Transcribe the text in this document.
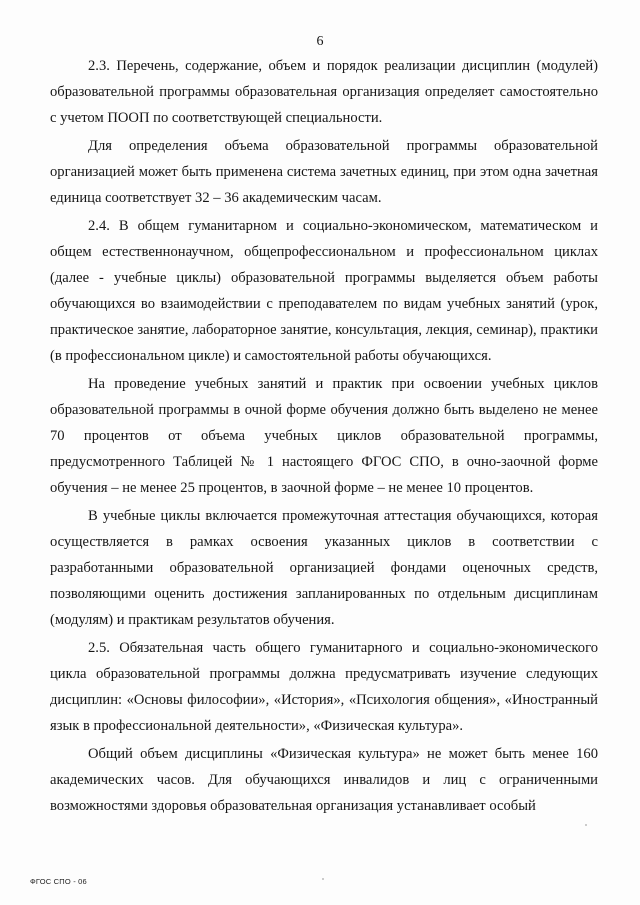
6

2.3. Перечень, содержание, объем и порядок реализации дисциплин (модулей) образовательной программы образовательная организация определяет самостоятельно с учетом ПООП по соответствующей специальности.

Для определения объема образовательной программы образовательной организацией может быть применена система зачетных единиц, при этом одна зачетная единица соответствует 32 – 36 академическим часам.

2.4. В общем гуманитарном и социально-экономическом, математическом и общем естественнонаучном, общепрофессиональном и профессиональном циклах (далее - учебные циклы) образовательной программы выделяется объем работы обучающихся во взаимодействии с преподавателем по видам учебных занятий (урок, практическое занятие, лабораторное занятие, консультация, лекция, семинар), практики (в профессиональном цикле) и самостоятельной работы обучающихся.

На проведение учебных занятий и практик при освоении учебных циклов образовательной программы в очной форме обучения должно быть выделено не менее 70 процентов от объема учебных циклов образовательной программы, предусмотренного Таблицей № 1 настоящего ФГОС СПО, в очно-заочной форме обучения – не менее 25 процентов, в заочной форме – не менее 10 процентов.

В учебные циклы включается промежуточная аттестация обучающихся, которая осуществляется в рамках освоения указанных циклов в соответствии с разработанными образовательной организацией фондами оценочных средств, позволяющими оценить достижения запланированных по отдельным дисциплинам (модулям) и практикам результатов обучения.

2.5. Обязательная часть общего гуманитарного и социально-экономического цикла образовательной программы должна предусматривать изучение следующих дисциплин: «Основы философии», «История», «Психология общения», «Иностранный язык в профессиональной деятельности», «Физическая культура».

Общий объем дисциплины «Физическая культура» не может быть менее 160 академических часов. Для обучающихся инвалидов и лиц с ограниченными возможностями здоровья образовательная организация устанавливает особый

ФГОС СПО - 06
